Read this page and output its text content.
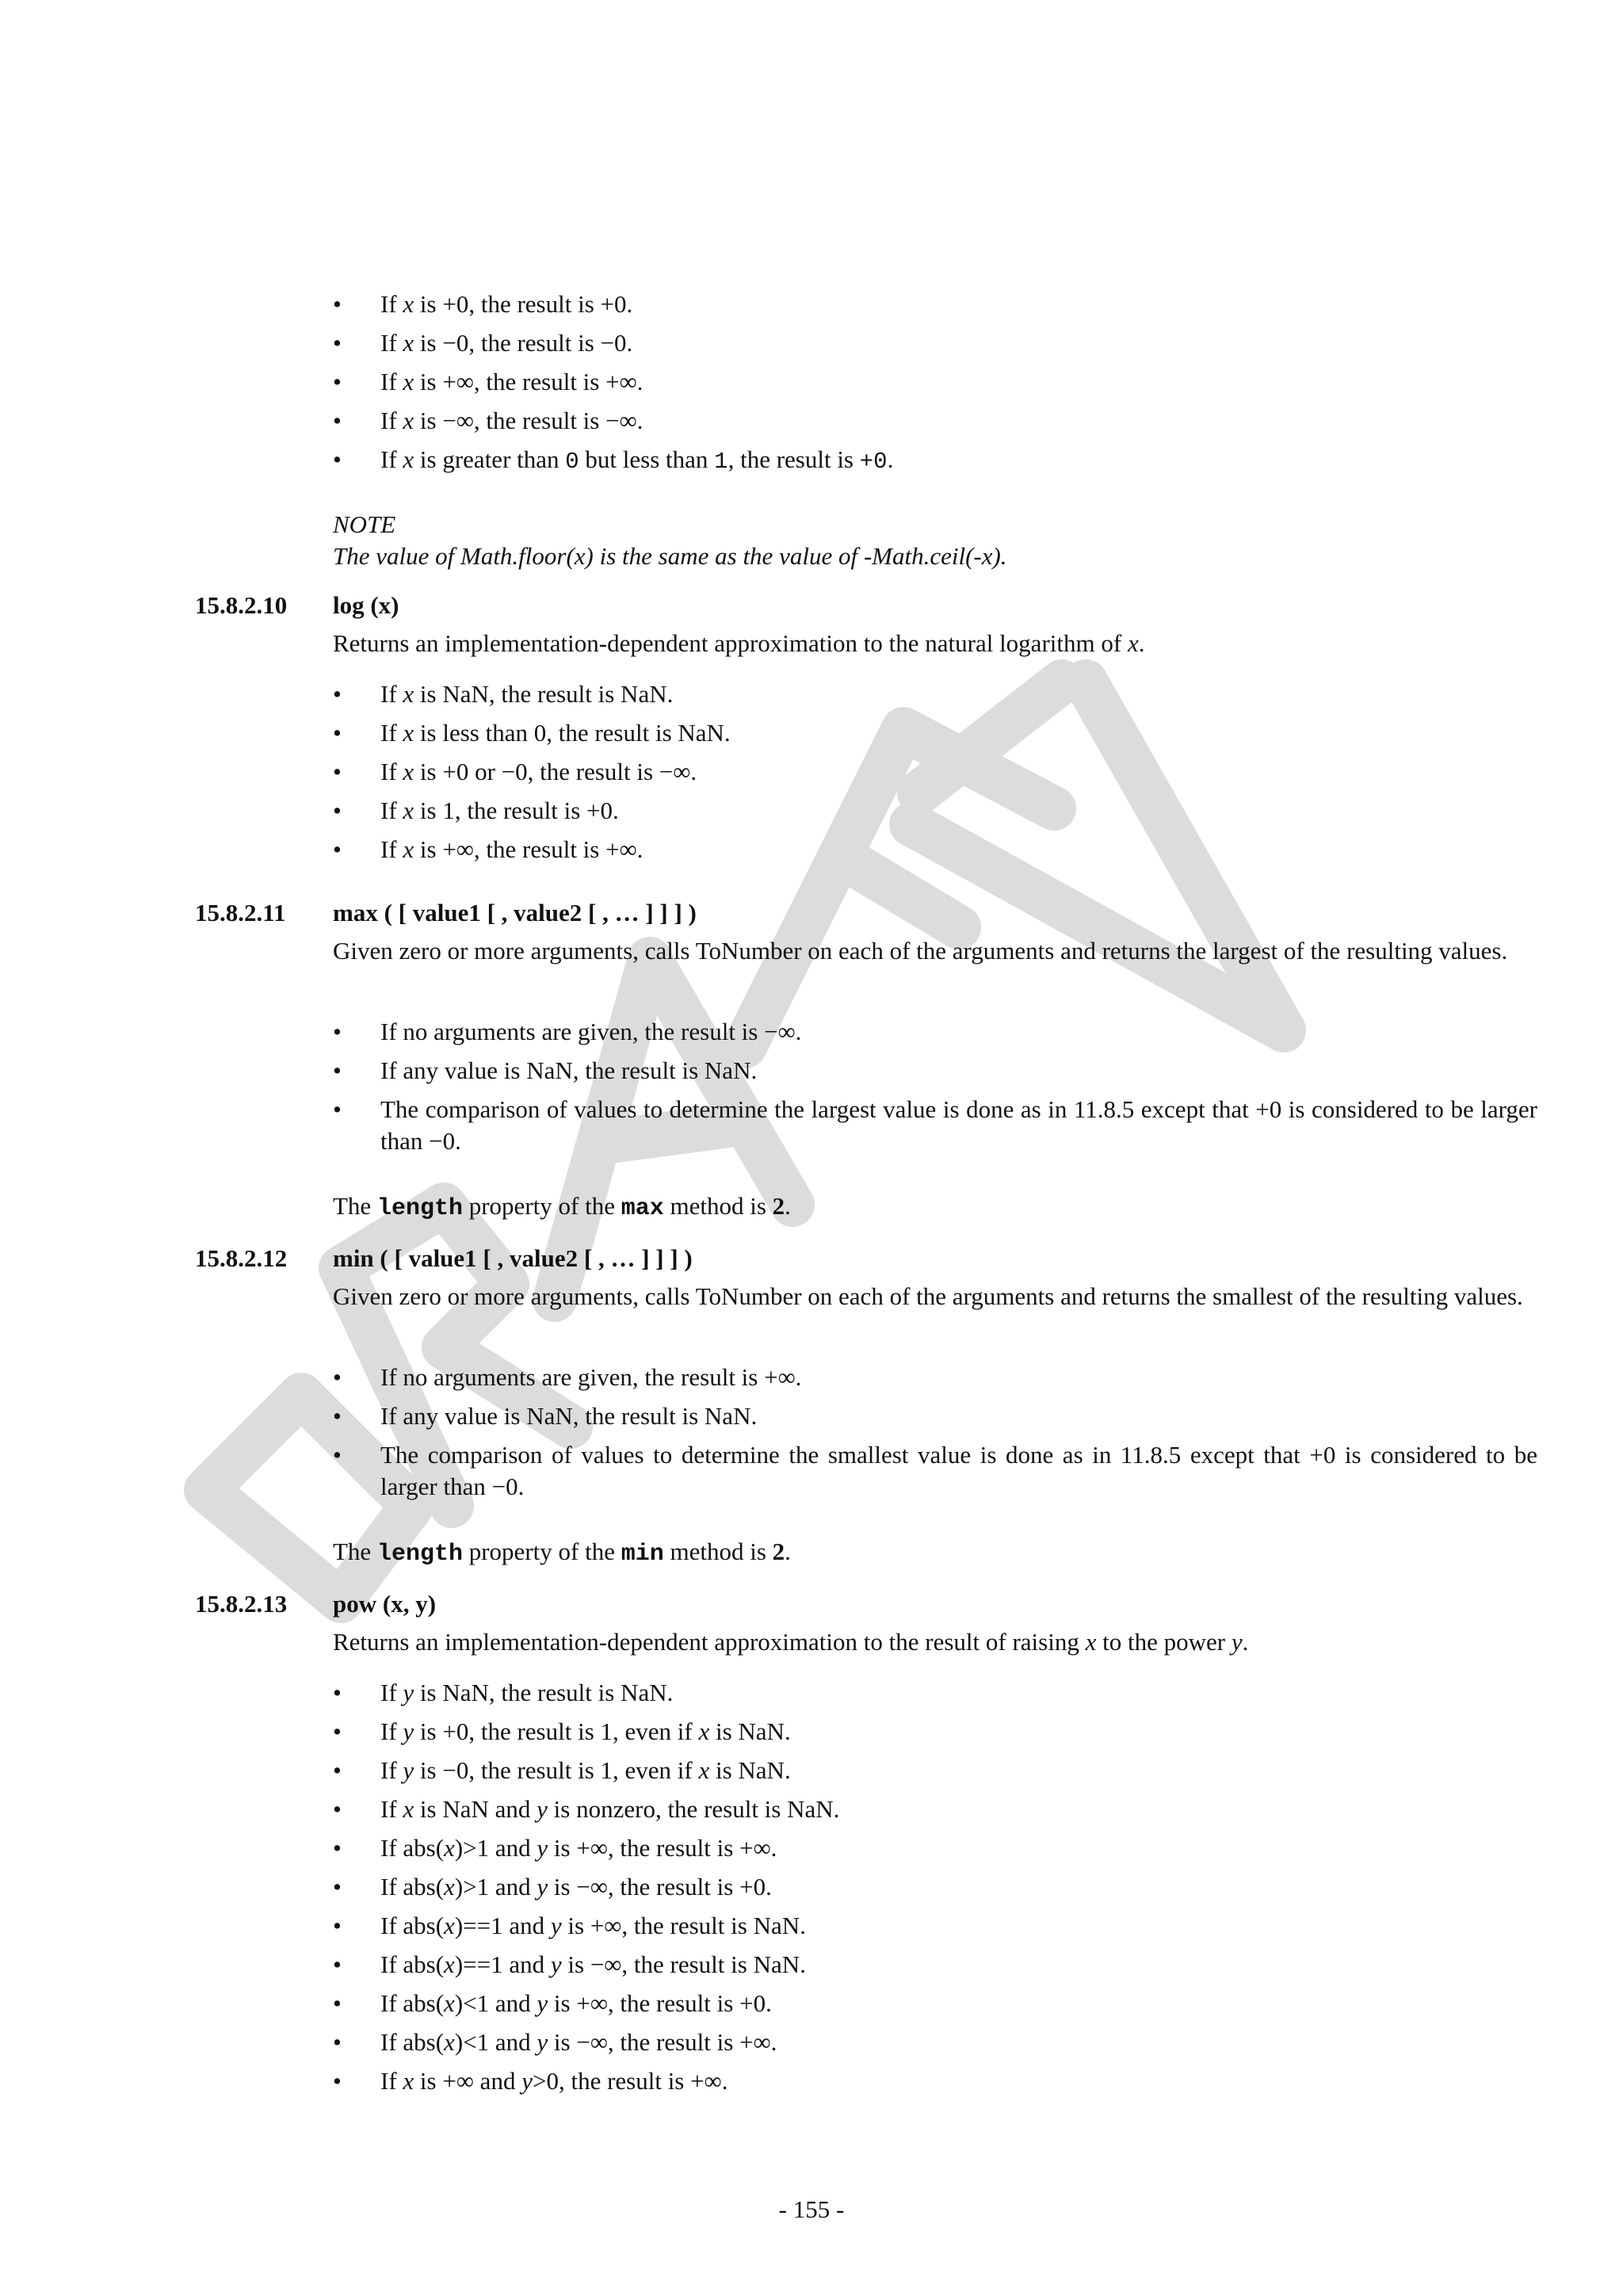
DRAFT
• If x is +0, the result is +0.
• If x is −0, the result is −0.
• If x is +∞, the result is +∞.
• If x is −∞, the result is −∞.
• If x is greater than 0 but less than 1, the result is +0.
NOTE
The value of Math.floor(x) is the same as the value of -Math.ceil(-x).
15.8.2.10 log (x)
Returns an implementation-dependent approximation to the natural logarithm of x.
• If x is NaN, the result is NaN.
• If x is less than 0, the result is NaN.
• If x is +0 or −0, the result is −∞.
• If x is 1, the result is +0.
• If x is +∞, the result is +∞.
15.8.2.11 max ( [ value1 [ , value2 [ , … ] ] ] )
Given zero or more arguments, calls ToNumber on each of the arguments and returns the largest of the resulting values.
• If no arguments are given, the result is −∞.
• If any value is NaN, the result is NaN.
• The comparison of values to determine the largest value is done as in 11.8.5 except that +0 is considered to be larger than −0.
The length property of the max method is 2.
15.8.2.12 min ( [ value1 [ , value2 [ , … ] ] ] )
Given zero or more arguments, calls ToNumber on each of the arguments and returns the smallest of the resulting values.
• If no arguments are given, the result is +∞.
• If any value is NaN, the result is NaN.
• The comparison of values to determine the smallest value is done as in 11.8.5 except that +0 is considered to be larger than −0.
The length property of the min method is 2.
15.8.2.13 pow (x, y)
Returns an implementation-dependent approximation to the result of raising x to the power y.
• If y is NaN, the result is NaN.
• If y is +0, the result is 1, even if x is NaN.
• If y is −0, the result is 1, even if x is NaN.
• If x is NaN and y is nonzero, the result is NaN.
• If abs(x)>1 and y is +∞, the result is +∞.
• If abs(x)>1 and y is −∞, the result is +0.
• If abs(x)==1 and y is +∞, the result is NaN.
• If abs(x)==1 and y is −∞, the result is NaN.
• If abs(x)<1 and y is +∞, the result is +0.
• If abs(x)<1 and y is −∞, the result is +∞.
• If x is +∞ and y>0, the result is +∞.
- 155 -
